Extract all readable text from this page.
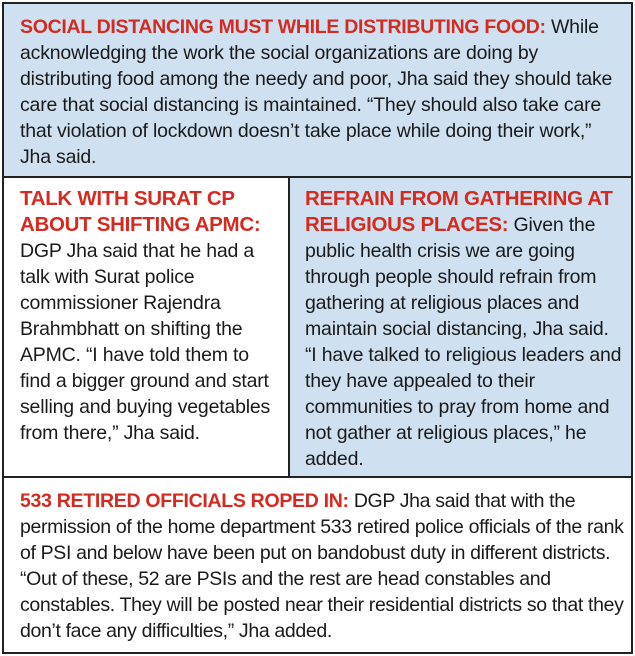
SOCIAL DISTANCING MUST WHILE DISTRIBUTING FOOD: While acknowledging the work the social organizations are doing by distributing food among the needy and poor, Jha said they should take care that social distancing is maintained. “They should also take care that violation of lockdown doesn’t take place while doing their work,” Jha said.
TALK WITH SURAT CP ABOUT SHIFTING APMC:
DGP Jha said that he had a talk with Surat police commissioner Rajendra Brahmbhatt on shifting the APMC. “I have told them to find a bigger ground and start selling and buying vegetables from there,” Jha said.
REFRAIN FROM GATHERING AT RELIGIOUS PLACES: Given the public health crisis we are going through people should refrain from gathering at religious places and maintain social distancing, Jha said. “I have talked to religious leaders and they have appealed to their communities to pray from home and not gather at religious places,” he added.
533 RETIRED OFFICIALS ROPED IN: DGP Jha said that with the permission of the home department 533 retired police officials of the rank of PSI and below have been put on bandobust duty in different districts. “Out of these, 52 are PSIs and the rest are head constables and constables. They will be posted near their residential districts so that they don’t face any difficulties,” Jha added.
